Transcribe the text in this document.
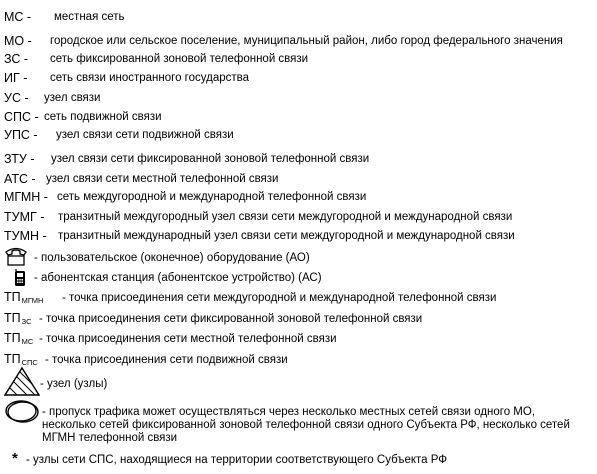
МС - местная сеть
МО - городское или сельское поселение, муниципальный район, либо город федерального значения
ЗС - сеть фиксированной зоновой телефонной связи
ИГ - сеть связи иностранного государства
УС - узел связи
СПС - сеть подвижной связи
УПС - узел связи сети подвижной связи
ЗТУ - узел связи сети фиксированной зоновой телефонной связи
АТС - узел связи сети местной телефонной связи
МГМН - сеть междугородной и международной телефонной связи
ТУМГ - транзитный междугородный узел связи сети междугородной и международной связи
ТУМН - транзитный международный узел связи сети междугородной и международной связи
- пользовательское (оконечное) оборудование (АО)
- абонентская станция (абонентское устройство) (АС)
$ТП_{МГМН}$ - точка присоединения сети междугородной и международной телефонной связи
$ТП_{ЗС}$ - точка присоединения сети фиксированной зоновой телефонной связи
$ТП_{МС}$ - точка присоединения сети местной телефонной связи
$ТП_{СПС}$ - точка присоединения сети подвижной связи
- узел (узлы)
- пропуск трафика может осуществляться через несколько местных сетей связи одного МО, несколько сетей фиксированной зоновой телефонной связи одного Субъекта РФ, несколько сетей МГМН телефонной связи
* - узлы сети СПС, находящиеся на территории соответствующего Субъекта РФ
